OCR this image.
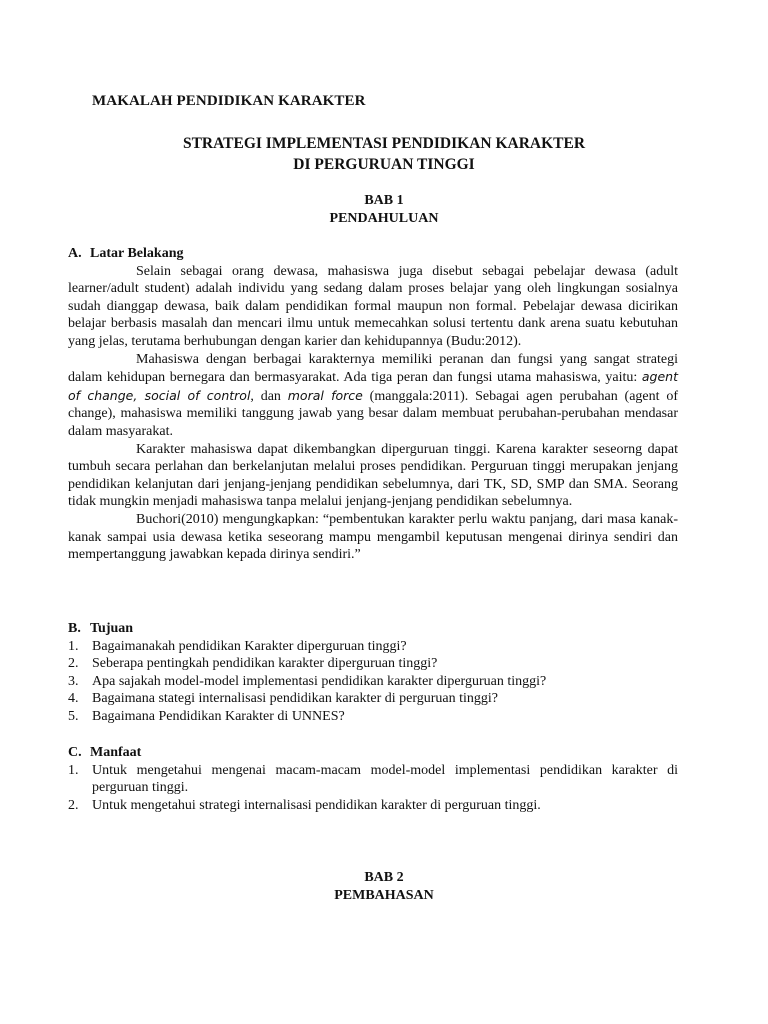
MAKALAH PENDIDIKAN KARAKTER
STRATEGI IMPLEMENTASI PENDIDIKAN KARAKTER
DI PERGURUAN TINGGI
BAB 1
PENDAHULUAN
A. Latar Belakang

Selain sebagai orang dewasa, mahasiswa juga disebut sebagai pebelajar dewasa (adult learner/adult student) adalah individu yang sedang dalam proses belajar yang oleh lingkungan sosialnya sudah dianggap dewasa, baik dalam pendidikan formal maupun non formal. Pebelajar dewasa dicirikan belajar berbasis masalah dan mencari ilmu untuk memecahkan solusi tertentu dank arena suatu kebutuhan yang jelas, terutama berhubungan dengan karier dan kehidupannya (Budu:2012).

Mahasiswa dengan berbagai karakternya memiliki peranan dan fungsi yang sangat strategi dalam kehidupan bernegara dan bermasyarakat. Ada tiga peran dan fungsi utama mahasiswa, yaitu: agent of change, social of control, dan moral force (manggala:2011). Sebagai agen perubahan (agent of change), mahasiswa memiliki tanggung jawab yang besar dalam membuat perubahan-perubahan mendasar dalam masyarakat.

Karakter mahasiswa dapat dikembangkan diperguruan tinggi. Karena karakter seseorng dapat tumbuh secara perlahan dan berkelanjutan melalui proses pendidikan. Perguruan tinggi merupakan jenjang pendidikan kelanjutan dari jenjang-jenjang pendidikan sebelumnya, dari TK, SD, SMP dan SMA. Seorang tidak mungkin menjadi mahasiswa tanpa melalui jenjang-jenjang pendidikan sebelumnya.

Buchori(2010) mengungkapkan: “pembentukan karakter perlu waktu panjang, dari masa kanak-kanak sampai usia dewasa ketika seseorang mampu mengambil keputusan mengenai dirinya sendiri dan mempertanggung jawabkan kepada dirinya sendiri.”

B. Tujuan
1. Bagaimanakah pendidikan Karakter diperguruan tinggi?
2. Seberapa pentingkah pendidikan karakter diperguruan tinggi?
3. Apa sajakah model-model implementasi pendidikan karakter diperguruan tinggi?
4. Bagaimana stategi internalisasi pendidikan karakter di perguruan tinggi?
5. Bagaimana Pendidikan Karakter di UNNES?
C. Manfaat
1. Untuk mengetahui mengenai macam-macam model-model implementasi pendidikan karakter di perguruan tinggi.
2. Untuk mengetahui strategi internalisasi pendidikan karakter di perguruan tinggi.
BAB 2
PEMBAHASAN
